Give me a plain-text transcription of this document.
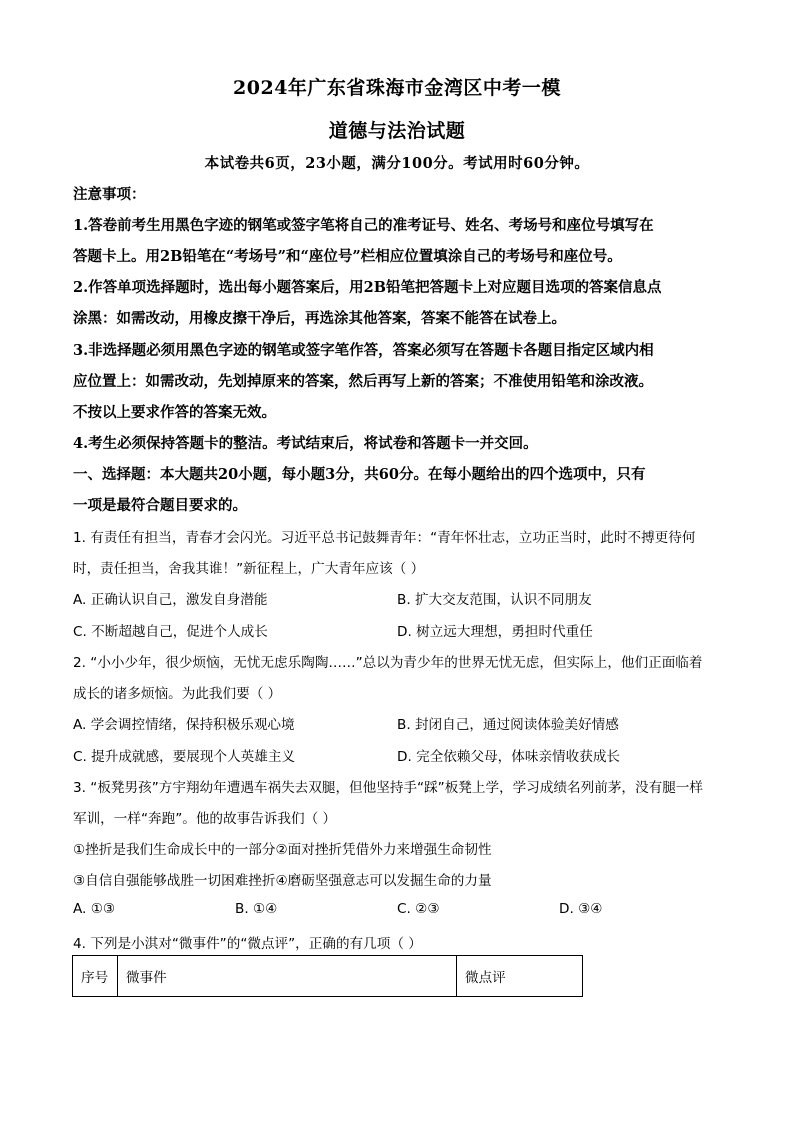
2024年广东省珠海市金湾区中考一模
道德与法治试题
本试卷共6页，23小题，满分100分。考试用时60分钟。
注意事项：
1.答卷前考生用黑色字迹的钢笔或签字笔将自己的准考证号、姓名、考场号和座位号填写在
答题卡上。用2B铅笔在“考场号”和“座位号”栏相应位置填涂自己的考场号和座位号。
2.作答单项选择题时，选出每小题答案后，用2B铅笔把答题卡上对应题目选项的答案信息点
涂黑：如需改动，用橡皮擦干净后，再选涂其他答案，答案不能答在试卷上。
3.非选择题必须用黑色字迹的钢笔或签字笔作答，答案必须写在答题卡各题目指定区域内相
应位置上：如需改动，先划掉原来的答案，然后再写上新的答案；不准使用铅笔和涂改液。
不按以上要求作答的答案无效。
4.考生必须保持答题卡的整洁。考试结束后，将试卷和答题卡一并交回。
一、选择题：本大题共20小题，每小题3分，共60分。在每小题给出的四个选项中，只有
一项是最符合题目要求的。
1. 有责任有担当，青春才会闪光。习近平总书记鼓舞青年：“青年怀壮志，立功正当时，此时不搏更待何
时，责任担当，舍我其谁！”新征程上，广大青年应该（ ）
A. 正确认识自己，激发自身潜能	B. 扩大交友范围，认识不同朋友
C. 不断超越自己，促进个人成长	D. 树立远大理想，勇担时代重任
2. “小小少年，很少烦恼，无忧无虑乐陶陶……”总以为青少年的世界无忧无虑，但实际上，他们正面临着
成长的诸多烦恼。为此我们要（ ）
A. 学会调控情绪，保持积极乐观心境	B. 封闭自己，通过阅读体验美好情感
C. 提升成就感，要展现个人英雄主义	D. 完全依赖父母，体味亲情收获成长
3. “板凳男孩”方宇翔幼年遭遇车祸失去双腿，但他坚持手“踩”板凳上学，学习成绩名列前茅，没有腿一样
军训，一样“奔跑”。他的故事告诉我们（ ）
①挫折是我们生命成长中的一部分②面对挫折凭借外力来增强生命韧性
③自信自强能够战胜一切困难挫折④磨砺坚强意志可以发掘生命的力量
A. ①③	B. ①④	C. ②③	D. ③④
4. 下列是小淇对“微事件”的“微点评”，正确的有几项（ ）
序号	微事件	微点评
